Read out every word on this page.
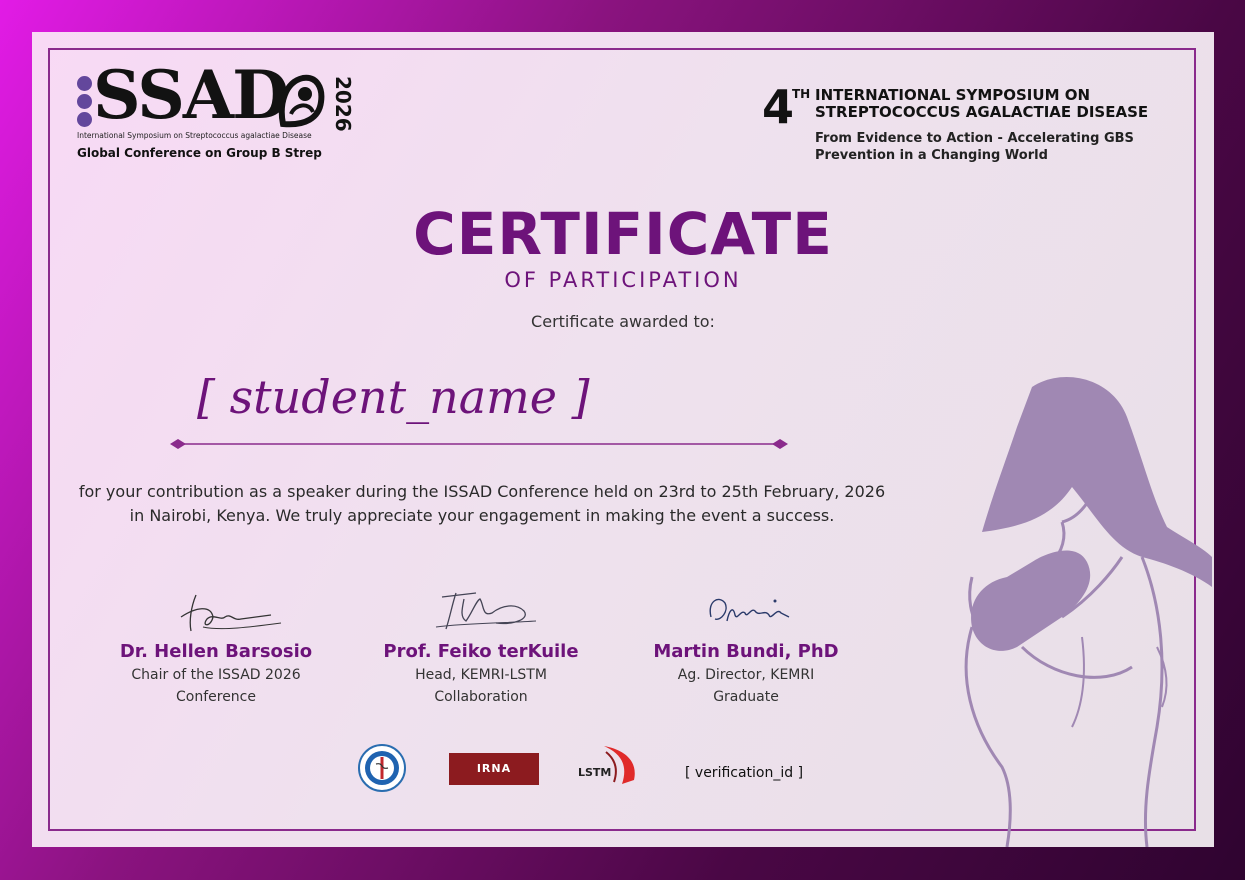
SSAD 2026
International Symposium on Streptococcus agalactiae Disease
Global Conference on Group B Strep
4
TH INTERNATIONAL SYMPOSIUM ON STREPTOCOCCUS AGALACTIAE DISEASE
From Evidence to Action - Accelerating GBS Prevention in a Changing World
CERTIFICATE
OF PARTICIPATION
Certificate awarded to:
[ student_name ]
for your contribution as a speaker during the ISSAD Conference held on 23rd to 25th February, 2026 in Nairobi, Kenya. We truly appreciate your engagement in making the event a success.
Dr. Hellen Barsosio
Chair of the ISSAD 2026 Conference
Prof. Feiko terKuile
Head, KEMRI-LSTM Collaboration
Martin Bundi, PhD
Ag. Director, KEMRI Graduate
IRNA	LSTM	[ verification_id ]
